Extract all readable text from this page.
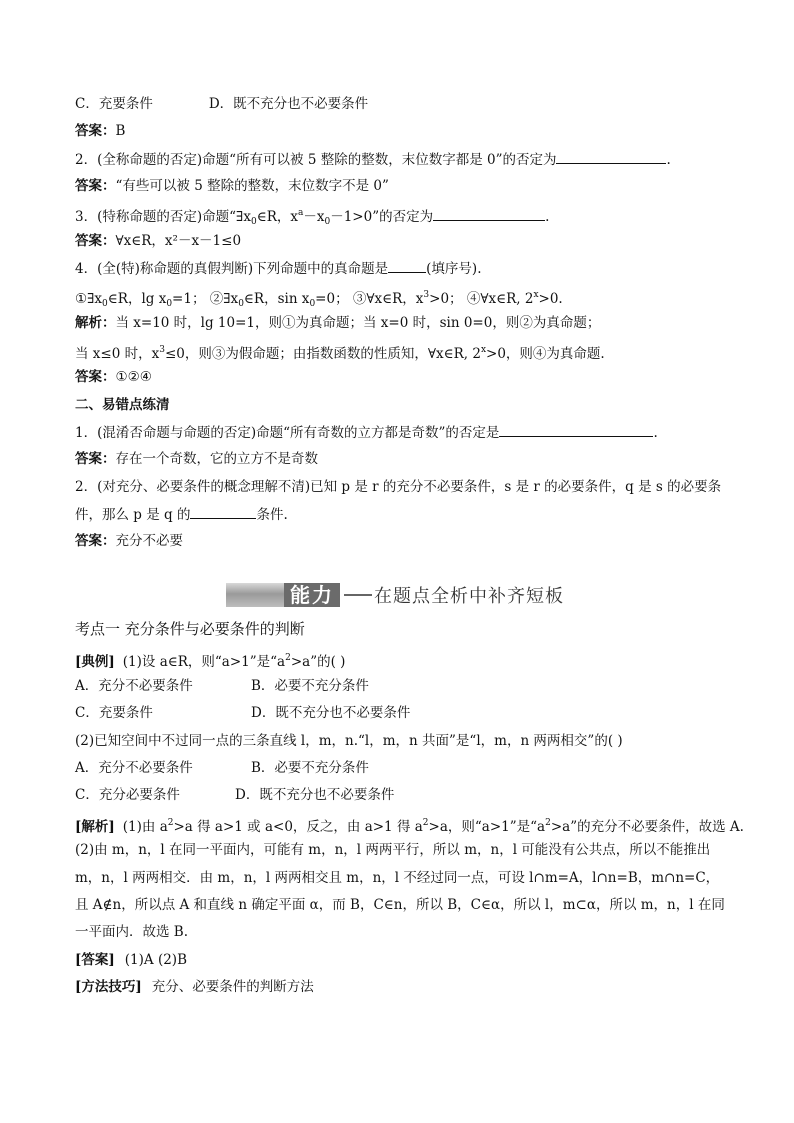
C．充要条件	D．既不充分也不必要条件
答案：B
2．(全称命题的否定)命题“所有可以被 5 整除的整数，末位数字都是 0”的否定为	.
答案：“有些可以被 5 整除的整数，末位数字不是 0”
3．(特称命题的否定)命题“$\exists x_0\in R$，$x^a-x_0-1>0$”的否定为	.
答案：∀x∈R，x²－x－1≤0
4．(全(特)称命题的真假判断)下列命题中的真命题是	(填序号).
$①\exists x_0\in R$，$\lg x_0=1$； $②\exists x_0\in R$，$\sin x_0=0$； ③∀x∈R，$x^3>0$； ④∀x∈R, $2^x>0$.
解析：当 x=10 时，lg 10=1，则①为真命题；当 x=0 时，sin 0=0，则②为真命题；
当 x≤0 时，$x^3\le 0$，则③为假命题；由指数函数的性质知，∀x∈R, $2^x>0$，则④为真命题.
答案：①②④
二、易错点练清
1．(混淆否命题与命题的否定)命题“所有奇数的立方都是奇数”的否定是	.
答案：存在一个奇数，它的立方不是奇数
2．(对充分、必要条件的概念理解不清)已知 p 是 r 的充分不必要条件，s 是 r 的必要条件，q 是 s 的必要条
件，那么 p 是 q 的	条件.
答案：充分不必要
能力	在题点全析中补齐短板
考点一 充分条件与必要条件的判断
[典例] (1)设 a∈R，则“a>1”是“$a^2>a$”的( )
A．充分不必要条件	B．必要不充分条件
C．充要条件	D．既不充分也不必要条件
(2)已知空间中不过同一点的三条直线 l，m，n.“l，m，n 共面”是“l，m，n 两两相交”的( )
A．充分不必要条件	B．必要不充分条件
C．充分必要条件	D．既不充分也不必要条件
[解析] (1)由 $a^2>a$ 得 a>1 或 a<0，反之，由 a>1 得 $a^2>a$，则“a>1”是“$a^2>a$”的充分不必要条件，故选 A.
(2)由 m，n，l 在同一平面内，可能有 m，n，l 两两平行，所以 m，n，l 可能没有公共点，所以不能推出
m，n，l 两两相交．由 m，n，l 两两相交且 m，n，l 不经过同一点，可设 l∩m=A，l∩n=B，m∩n=C，
且 A∉n，所以点 A 和直线 n 确定平面 α，而 B，C∈n，所以 B，C∈α，所以 l，m⊂α，所以 m，n，l 在同
一平面内．故选 B.
[答案] (1)A (2)B
[方法技巧] 充分、必要条件的判断方法
